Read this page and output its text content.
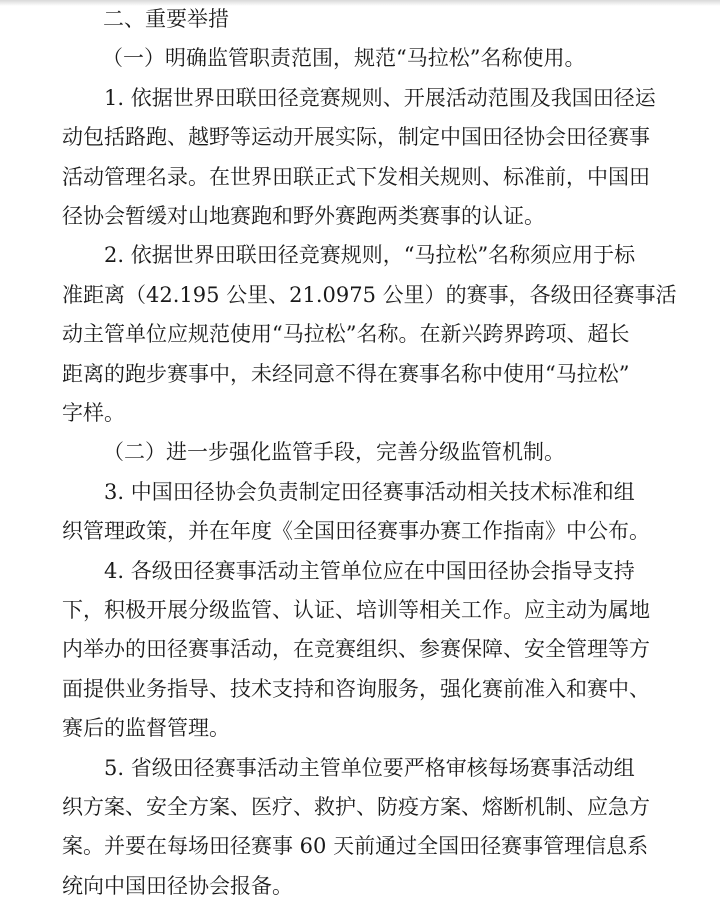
二、重要举措
（一）明确监管职责范围，规范“马拉松”名称使用。
1. 依据世界田联田径竞赛规则、开展活动范围及我国田径运
动包括路跑、越野等运动开展实际，制定中国田径协会田径赛事
活动管理名录。在世界田联正式下发相关规则、标准前，中国田
径协会暂缓对山地赛跑和野外赛跑两类赛事的认证。
2. 依据世界田联田径竞赛规则，“马拉松”名称须应用于标
准距离（42.195 公里、21.0975 公里）的赛事，各级田径赛事活
动主管单位应规范使用“马拉松”名称。在新兴跨界跨项、超长
距离的跑步赛事中，未经同意不得在赛事名称中使用“马拉松”
字样。
（二）进一步强化监管手段，完善分级监管机制。
3. 中国田径协会负责制定田径赛事活动相关技术标准和组
织管理政策，并在年度《全国田径赛事办赛工作指南》中公布。
4. 各级田径赛事活动主管单位应在中国田径协会指导支持
下，积极开展分级监管、认证、培训等相关工作。应主动为属地
内举办的田径赛事活动，在竞赛组织、参赛保障、安全管理等方
面提供业务指导、技术支持和咨询服务，强化赛前准入和赛中、
赛后的监督管理。
5. 省级田径赛事活动主管单位要严格审核每场赛事活动组
织方案、安全方案、医疗、救护、防疫方案、熔断机制、应急方
案。并要在每场田径赛事 60 天前通过全国田径赛事管理信息系
统向中国田径协会报备。
